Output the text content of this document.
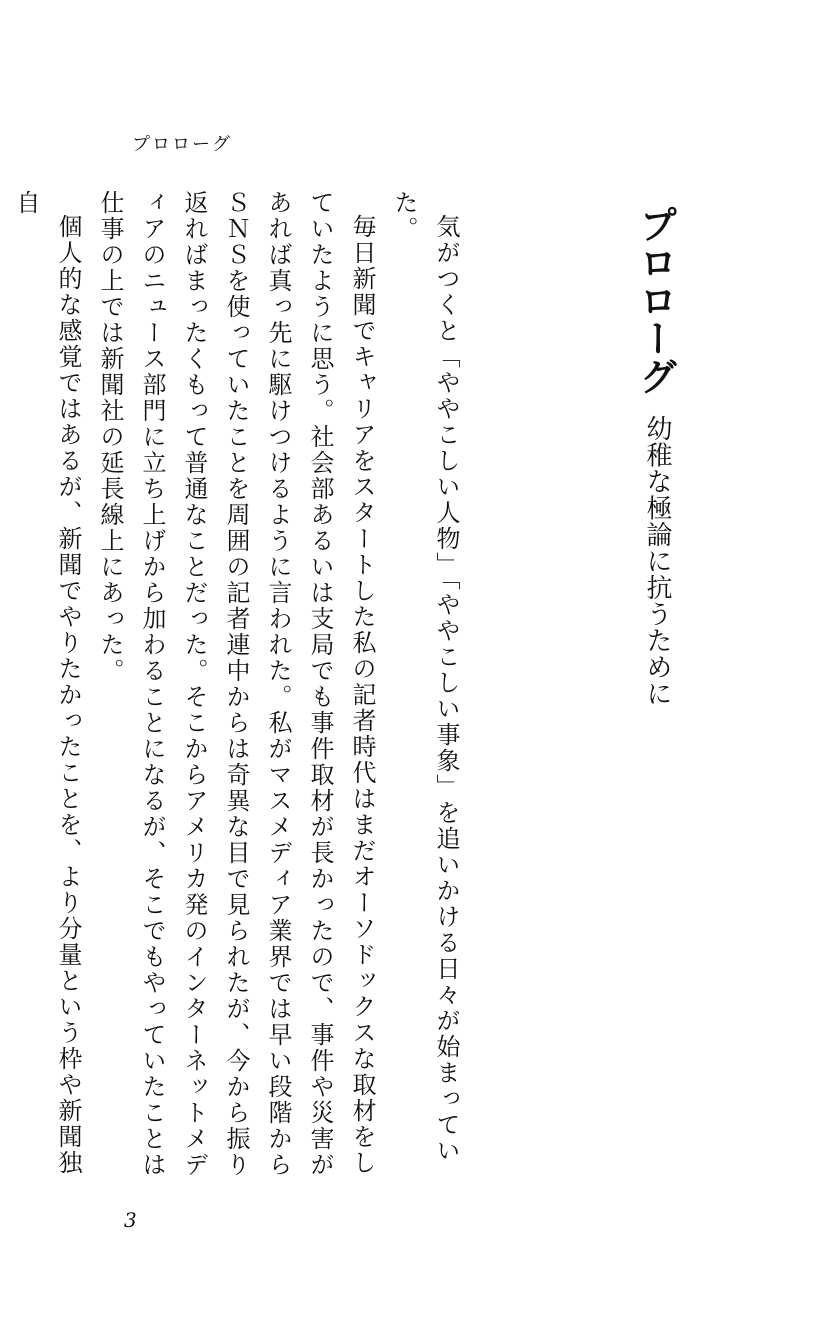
プロローグ
プロローグ
幼稚な極論に抗うために

気がつくと「ややこしい人物」「ややこしい事象」を追いかける日々が始まっていた。

毎日新聞でキャリアをスタートした私の記者時代はまだオーソドックスな取材をしていたように思う。社会部あるいは支局でも事件取材が長かったので、事件や災害があれば真っ先に駆けつけるように言われた。私がマスメディア業界では早い段階からＳＮＳを使っていたことを周囲の記者連中からは奇異な目で見られたが、今から振り返ればまったくもって普通なことだった。そこからアメリカ発のインターネットメディアのニュース部門に立ち上げから加わることになるが、そこでもやっていたことは仕事の上では新聞社の延長線上にあった。

個人的な感覚ではあるが、新聞でやりたかったことを、より分量という枠や新聞独自

3
